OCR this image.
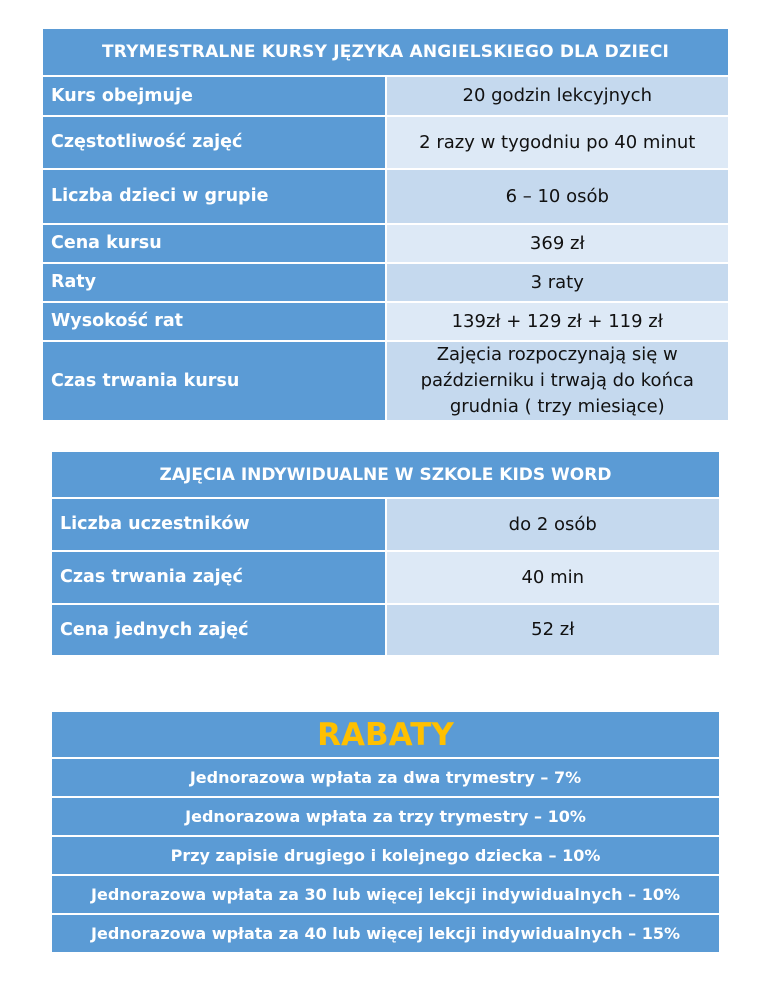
TRYMESTRALNE KURSY JĘZYKA ANGIELSKIEGO DLA DZIECI	
Kurs obejmuje	20 godzin lekcyjnych
Częstotliwość zajęć	2 razy w tygodniu po 40 minut
Liczba dzieci w grupie	6 – 10 osób
Cena kursu	369 zł
Raty	3 raty
Wysokość rat	139zł + 129 zł + 119 zł
Czas trwania kursu	Zajęcia rozpoczynają się w październiku i trwają do końca grudnia ( trzy miesiące)
ZAJĘCIA INDYWIDUALNE W SZKOLE KIDS WORD	
Liczba uczestników	do 2 osób
Czas trwania zajęć	40 min
Cena jednych zajęć	52 zł
RABATY
Jednorazowa wpłata za dwa trymestry – 7%
Jednorazowa wpłata za trzy trymestry – 10%
Przy zapisie drugiego i kolejnego dziecka – 10%
Jednorazowa wpłata za 30 lub więcej lekcji indywidualnych – 10%
Jednorazowa wpłata za 40 lub więcej lekcji indywidualnych – 15%
